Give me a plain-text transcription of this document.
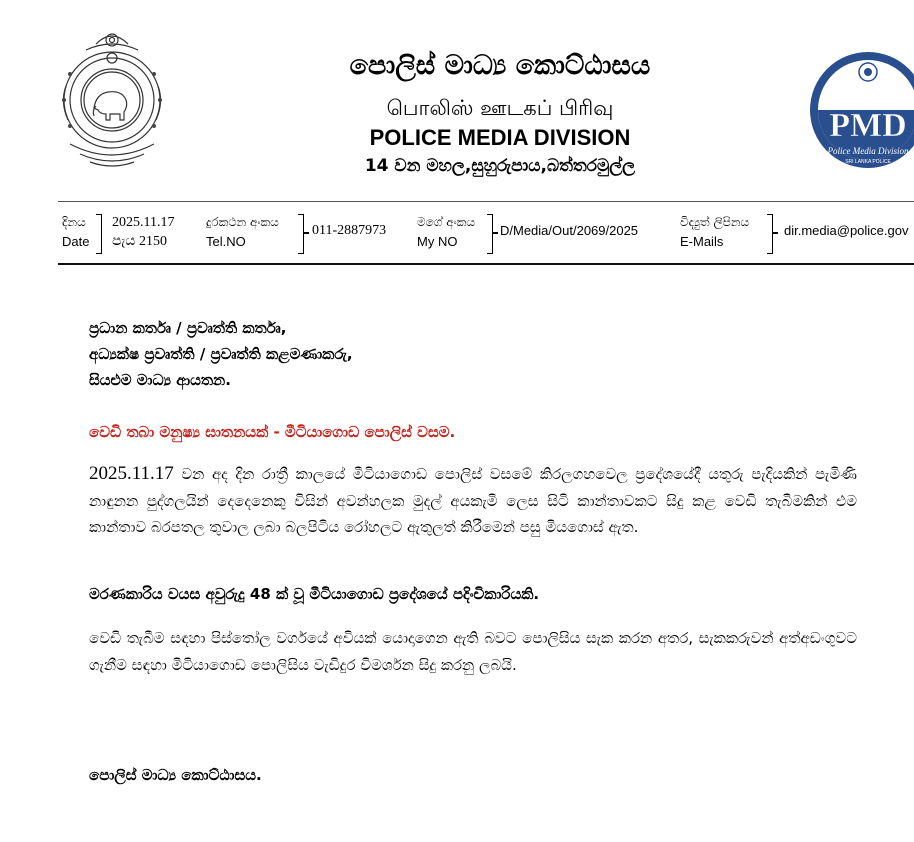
පොලිස් මාධ්‍ය කොට්ඨාසය
பொலிஸ் ஊடகப் பிரிவு
POLICE MEDIA DIVISION
14 වන මහල,සුහුරුපාය,බත්තරමුල්ල
PMD
Police Media Division
SRI LANKA POLICE
දිනය
Date
2025.11.17
පැය 2150
දුරකථන අංකය
Tel.NO
011-2887973
මගේ අංකය
My NO
D/Media/Out/2069/2025
විද්‍යුත් ලිපිනය
E-Mails
dir.media@police.gov
ප්‍රධාන කර්තෘ / ප්‍රවෘත්ති කර්තෘ,
අධ්‍යක්ෂ ප්‍රවෘත්ති / ප්‍රවෘත්ති කළමණාකරු,
සියළුම මාධ්‍ය ආයතන.
වෙඩි තබා මනුෂ්‍ය ඝාතනයක් - මීටියාගොඩ පොලිස් වසම.
2025.11.17 වන අද දින රාත්‍රී කාලයේ මීටියාගොඩ පොලිස් වසමේ කිරලගහවෙල ප්‍රදේශයේදී යතුරු පැදියකින් පැමිණි නාඳුනන පුද්ගලයින් දෙදෙනෙකු විසින් අවන්හලක මුදල් අයකැමි ලෙස සිටි කාන්තාවකට සිදු කළ වෙඩි තැබීමකින් එම කාන්තාව බරපතල තුවාල ලබා බලපිටිය රෝහලට ඇතුලත් කිරීමෙන් පසු මියගොස් ඇත.
මරණකාරිය වයස අවුරුදු 48 ක් වූ මීටියාගොඩ ප්‍රදේශයේ පදිංචිකාරියකි.
වෙඩි තැබීම සඳහා පිස්තෝල වර්ගයේ අවියක් යොදාගෙන ඇති බවට පොලිසිය සැක කරන අතර, සැකකරුවන් අත්අඩංගුවට ගැනීම සඳහා මීටියාගොඩ පොලිසිය වැඩිදුර විමර්ශන සිදු කරනු ලබයි.
පොලිස් මාධ්‍ය කොට්ඨාසය.
